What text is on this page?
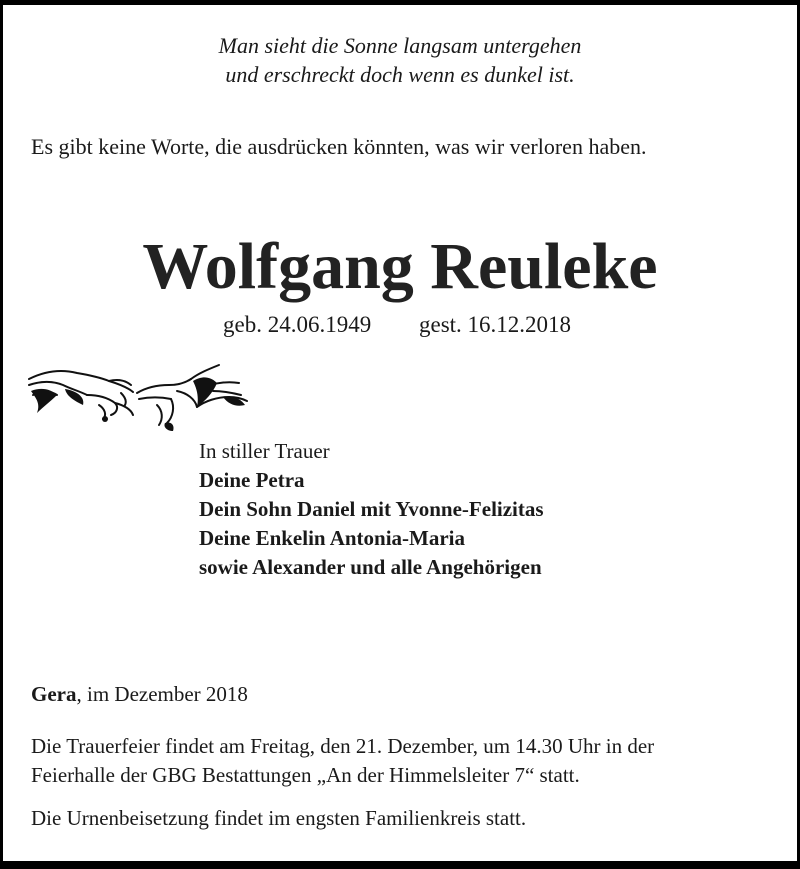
Man sieht die Sonne langsam untergehen

und erschreckt doch wenn es dunkel ist.

Es gibt keine Worte, die ausdrücken könnten, was wir verloren haben.

Wolfgang Reuleke
geb. 24.06.1949 gest. 16.12.2018

In stiller Trauer

Deine Petra

Dein Sohn Daniel mit Yvonne-Felizitas

Deine Enkelin Antonia-Maria

sowie Alexander und alle Angehörigen

Gera, im Dezember 2018

Die Trauerfeier findet am Freitag, den 21. Dezember, um 14.30 Uhr in der

Feierhalle der GBG Bestattungen „An der Himmelsleiter 7“ statt.

Die Urnenbeisetzung findet im engsten Familienkreis statt.
